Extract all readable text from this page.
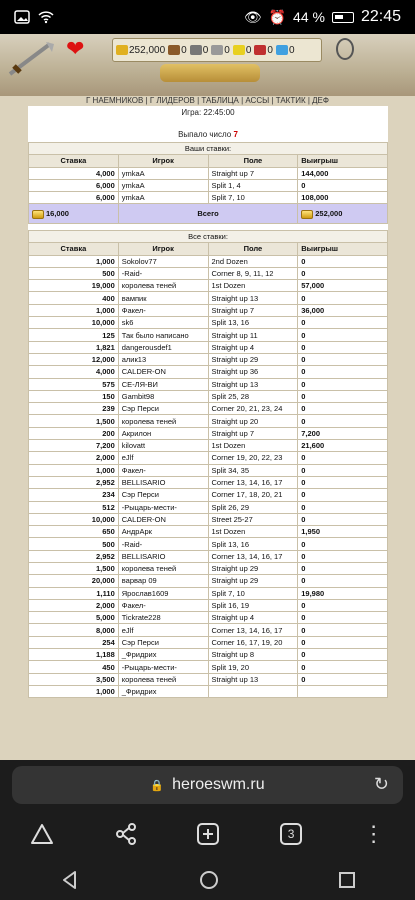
👁 ⏰ 44 % 22:45
❤	252,000 0 0 0 0 0 0
Г НАЕМНИКОВ | Г ЛИДЕРОВ | ТАБЛИЦА | АССЫ | ТАКТИК | ДЕФ
Игра: 22:45:00
Выпало число 7
Ваши ставки:			
Ставка	Игрок	Поле	Выигрыш
4,000	ymkaA	Straight up 7	144,000
6,000	ymkaA	Split 1, 4	0
6,000	ymkaA	Split 7, 10	108,000
16,000	Всего		252,000

Все ставки:			
Ставка	Игрок	Поле	Выигрыш
1,000	Sokolov77	2nd Dozen	0
500	-Raid-	Corner 8, 9, 11, 12	0
19,000	королева теней	1st Dozen	57,000
400	вампик	Straight up 13	0
1,000	Факел-	Straight up 7	36,000
10,000	sk6	Split 13, 16	0
125	Так было написано	Straight up 11	0
1,821	dangerousdef1	Straight up 4	0
12,000	алик13	Straight up 29	0
4,000	CALDER-ON	Straight up 36	0
575	СЕ-ЛЯ-ВИ	Straight up 13	0
150	Gambit98	Split 25, 28	0
239	Сэр Перси	Corner 20, 21, 23, 24	0
1,500	королева теней	Straight up 20	0
200	Акрилон	Straight up 7	7,200
7,200	kilovatt	1st Dozen	21,600
2,000	eJlf	Corner 19, 20, 22, 23	0
1,000	Факел-	Split 34, 35	0
2,952	BELLISARIO	Corner 13, 14, 16, 17	0
234	Сэр Перси	Corner 17, 18, 20, 21	0
512	-Рыцарь-мести-	Split 26, 29	0
10,000	CALDER-ON	Street 25-27	0
650	АндрАрк	1st Dozen	1,950
500	-Raid-	Split 13, 16	0
2,952	BELLISARIO	Corner 13, 14, 16, 17	0
1,500	королева теней	Straight up 29	0
20,000	варвар 09	Straight up 29	0
1,110	Ярослав1609	Split 7, 10	19,980
2,000	Факел-	Split 16, 19	0
5,000	Tickrate228	Straight up 4	0
8,000	eJlf	Corner 13, 14, 16, 17	0
254	Сэр Перси	Corner 16, 17, 19, 20	0
1,188	_Фридрих	Straight up 8	0
450	-Рыцарь-мести-	Split 19, 20	0
3,500	королева теней	Straight up 13	0
1,000	_Фридрих		
🔒 heroeswm.ru	↻
3	⋮
